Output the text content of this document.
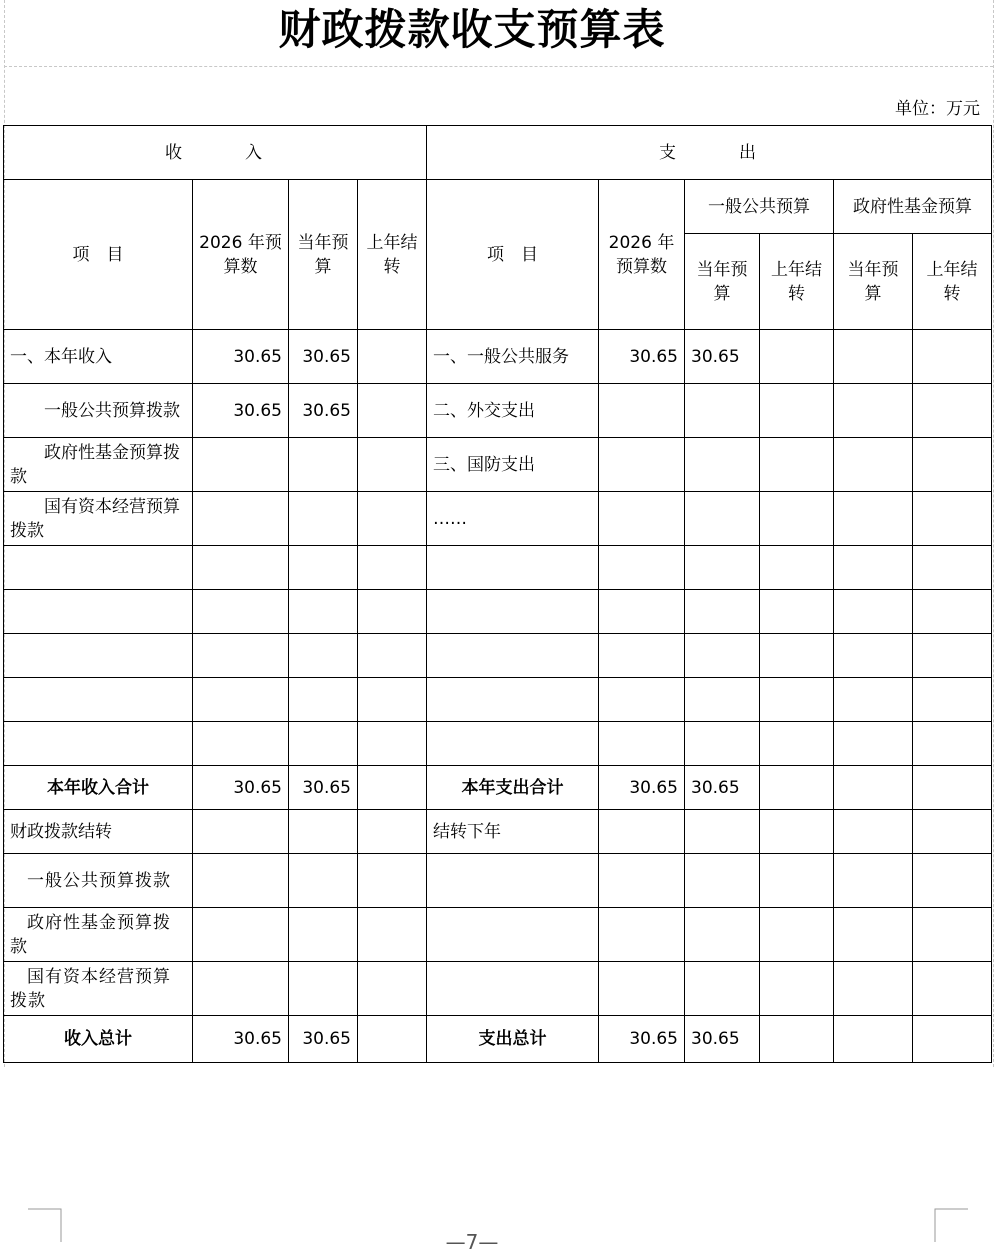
财政拨款收支预算表
单位：万元
收　　　入				支　　　出					
项　目	2026 年预算数	当年预算	上年结转	项　目	2026 年预算数	一般公共预算		政府性基金预算	
						当年预算	上年结转	当年预算	上年结转
一、本年收入	30.65	30.65		一、一般公共服务	30.65	30.65			
一般公共预算拨款	30.65	30.65		二、外交支出					
政府性基金预算拨款				三、国防支出					
国有资本经营预算拨款				……					

本年收入合计	30.65	30.65		本年支出合计	30.65	30.65			
财政拨款结转				结转下年					
一般公共预算拨款									
政府性基金预算拨款									
国有资本经营预算拨款									
收入总计	30.65	30.65		支出总计	30.65	30.65			
—7—
